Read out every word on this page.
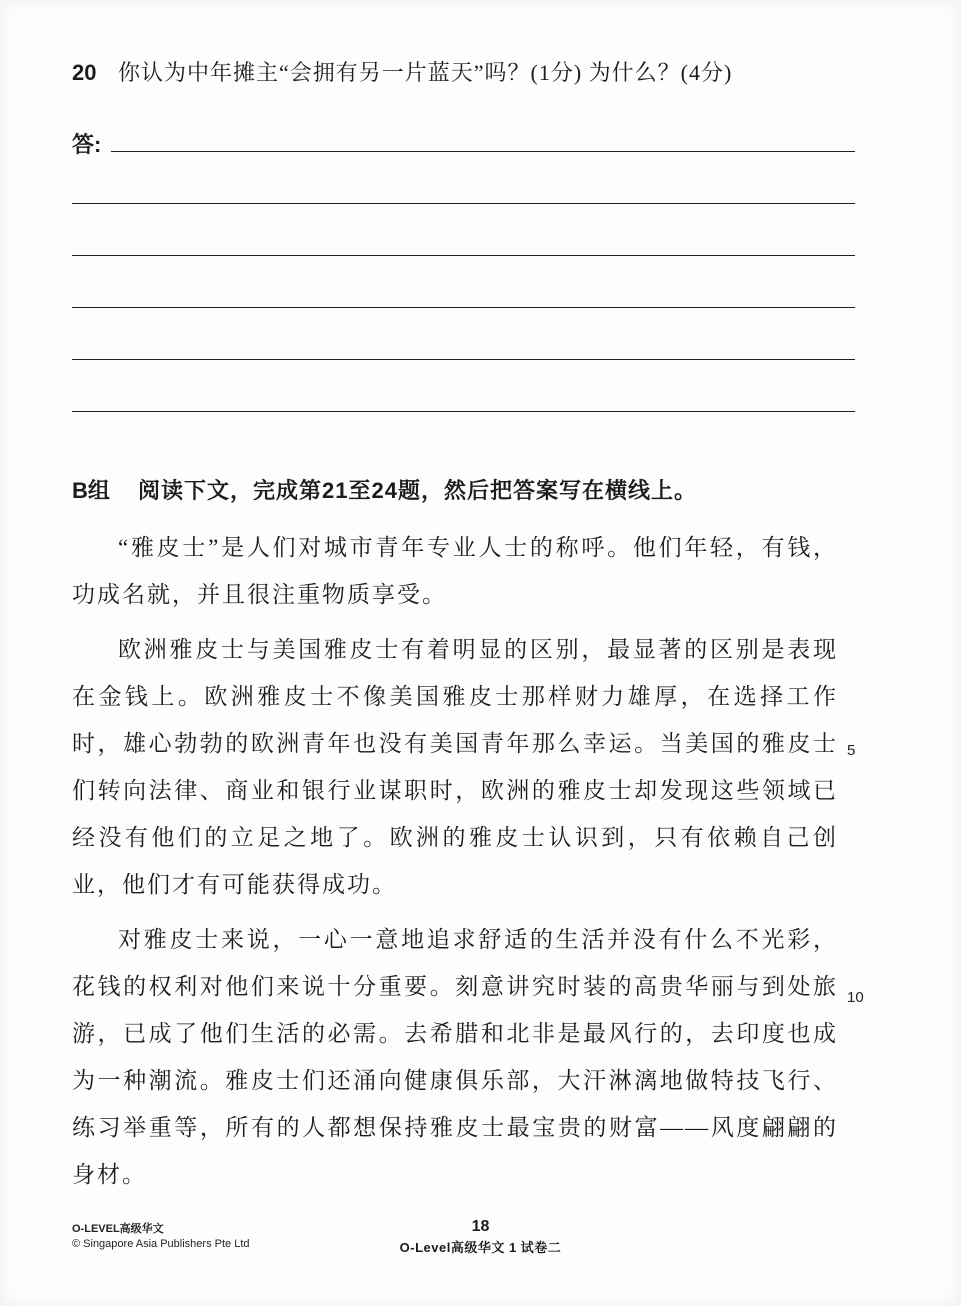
20 你认为中年摊主“会拥有另一片蓝天”吗？(1分) 为什么？(4分)
答:
B组	阅读下文，完成第21至24题，然后把答案写在横线上。

“雅皮士”是人们对城市青年专业人士的称呼。他们年轻，有钱，功成名就，并且很注重物质享受。

欧洲雅皮士与美国雅皮士有着明显的区别，最显著的区别是表现在金钱上。欧洲雅皮士不像美国雅皮士那样财力雄厚，在选择工作时，雄心勃勃的欧洲青年也没有美国青年那么幸运。当美国的雅皮士们转向法律、商业和银行业谋职时，欧洲的雅皮士却发现这些领域已经没有他们的立足之地了。欧洲的雅皮士认识到，只有依赖自己创业，他们才有可能获得成功。

对雅皮士来说，一心一意地追求舒适的生活并没有什么不光彩，花钱的权利对他们来说十分重要。刻意讲究时装的高贵华丽与到处旅游，已成了他们生活的必需。去希腊和北非是最风行的，去印度也成为一种潮流。雅皮士们还涌向健康俱乐部，大汗淋漓地做特技飞行、练习举重等，所有的人都想保持雅皮士最宝贵的财富——风度翩翩的身材。

5
10
O-LEVEL高级华文
© Singapore Asia Publishers Pte Ltd
18
O-Level高级华文 1 试卷二
